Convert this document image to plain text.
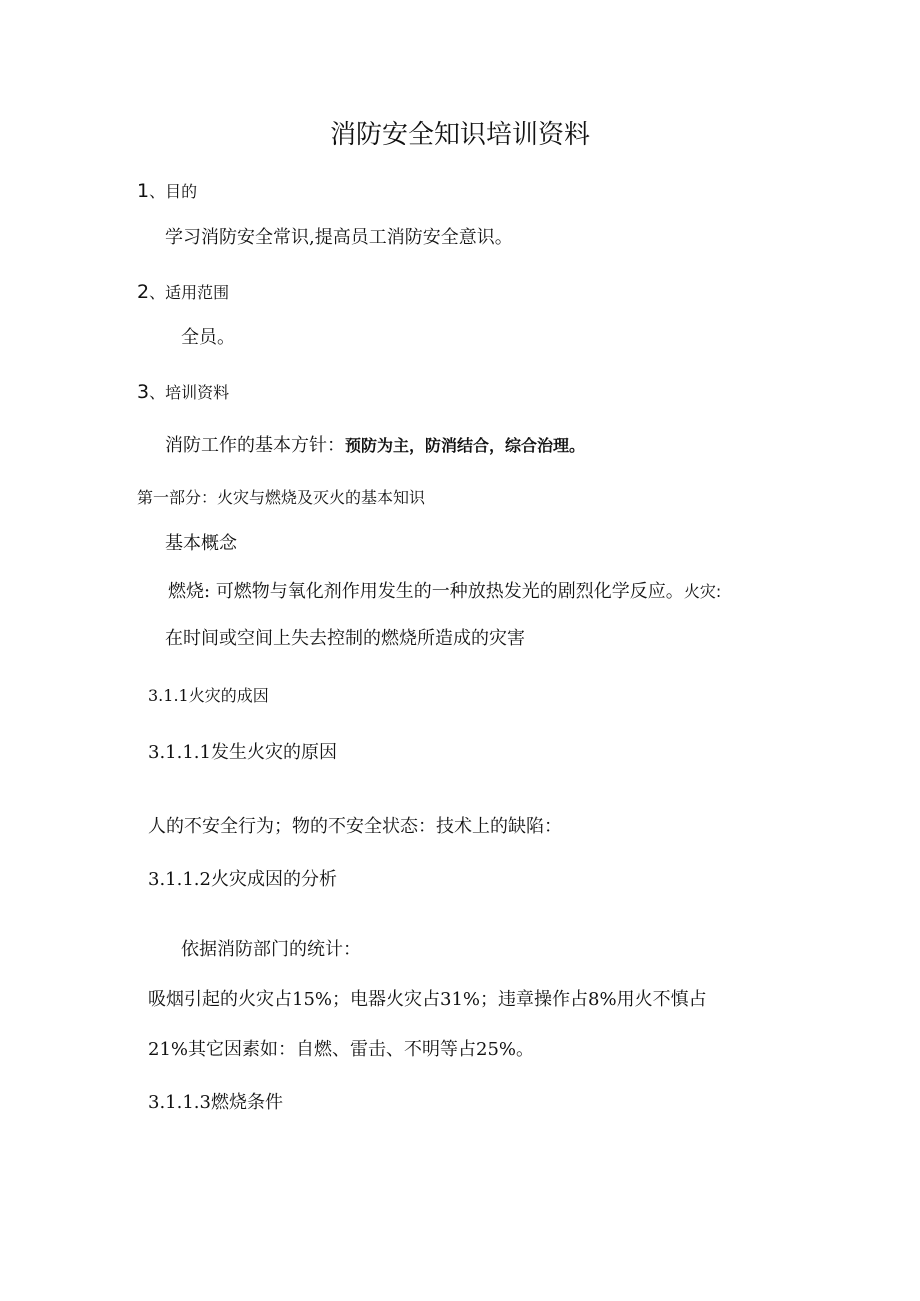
消防安全知识培训资料
1、目的
学习消防安全常识,提高员工消防安全意识。
2、适用范围
全员。
3、培训资料
消防工作的基本方针：预防为主，防消结合，综合治理。
第一部分：火灾与燃烧及灭火的基本知识
基本概念
燃烧: 可燃物与氧化剂作用发生的一种放热发光的剧烈化学反应。火灾:
在时间或空间上失去控制的燃烧所造成的灾害
3.1.1火灾的成因
3.1.1.1发生火灾的原因
人的不安全行为；物的不安全状态：技术上的缺陷：
3.1.1.2火灾成因的分析
依据消防部门的统计：
吸烟引起的火灾占15%；电器火灾占31%；违章操作占8%用火不慎占
21%其它因素如：自燃、雷击、不明等占25%。
3.1.1.3燃烧条件
